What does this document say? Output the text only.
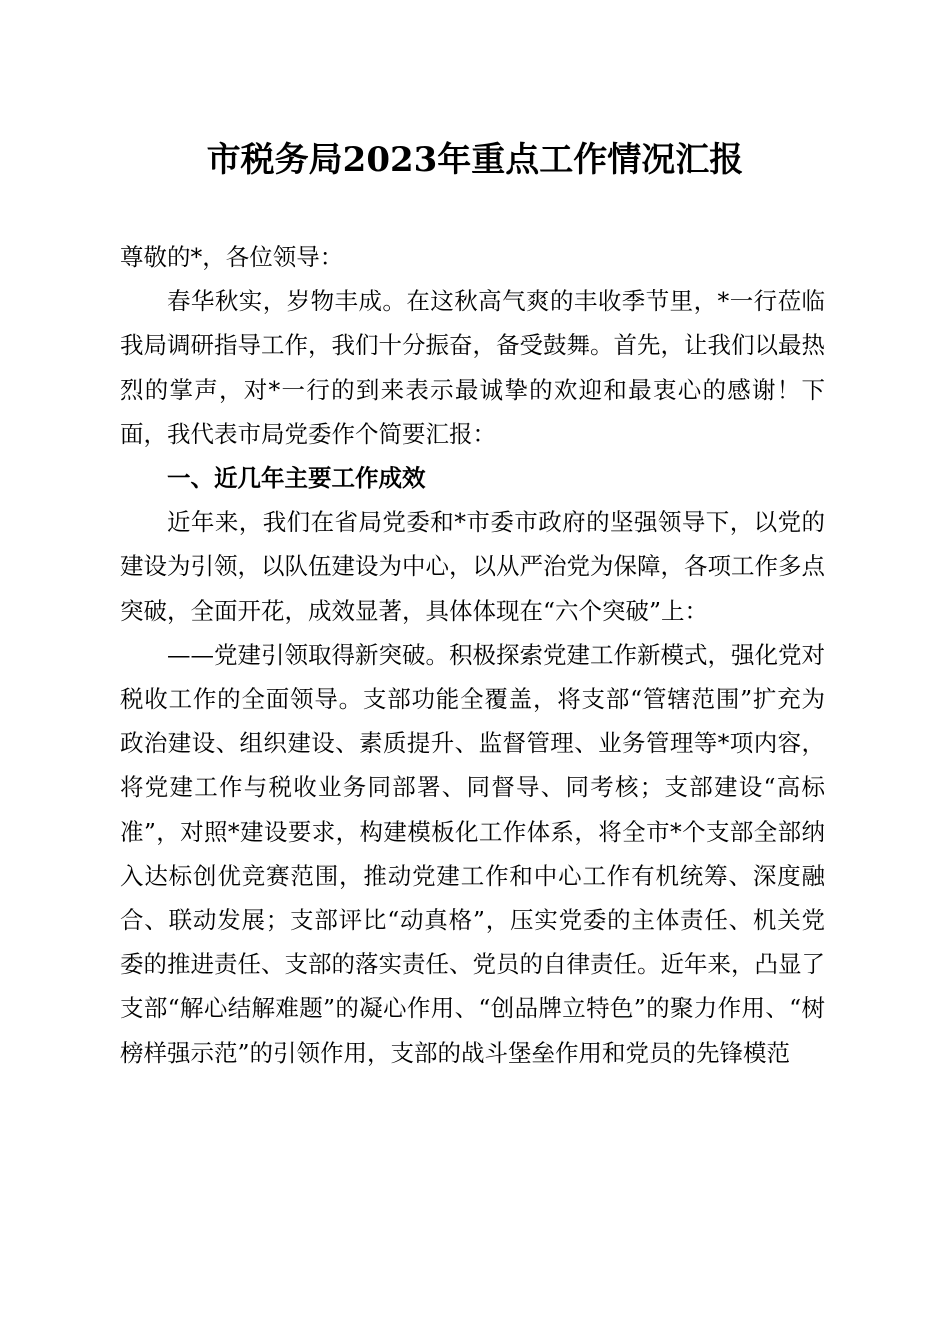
市税务局2023年重点工作情况汇报

尊敬的*，各位领导：

春华秋实，岁物丰成。在这秋高气爽的丰收季节里，*一行莅临我局调研指导工作，我们十分振奋，备受鼓舞。首先，让我们以最热烈的掌声，对*一行的到来表示最诚挚的欢迎和最衷心的感谢！下面，我代表市局党委作个简要汇报：

一、近几年主要工作成效

近年来，我们在省局党委和*市委市政府的坚强领导下，以党的建设为引领，以队伍建设为中心，以从严治党为保障，各项工作多点突破，全面开花，成效显著，具体体现在“六个突破”上：

——党建引领取得新突破。积极探索党建工作新模式，强化党对税收工作的全面领导。支部功能全覆盖，将支部“管辖范围”扩充为政治建设、组织建设、素质提升、监督管理、业务管理等*项内容，将党建工作与税收业务同部署、同督导、同考核；支部建设“高标准”，对照*建设要求，构建模板化工作体系，将全市*个支部全部纳入达标创优竞赛范围，推动党建工作和中心工作有机统筹、深度融合、联动发展；支部评比“动真格”，压实党委的主体责任、机关党委的推进责任、支部的落实责任、党员的自律责任。近年来，凸显了支部“解心结解难题”的凝心作用、“创品牌立特色”的聚力作用、“树榜样强示范”的引领作用，支部的战斗堡垒作用和党员的先锋模范
